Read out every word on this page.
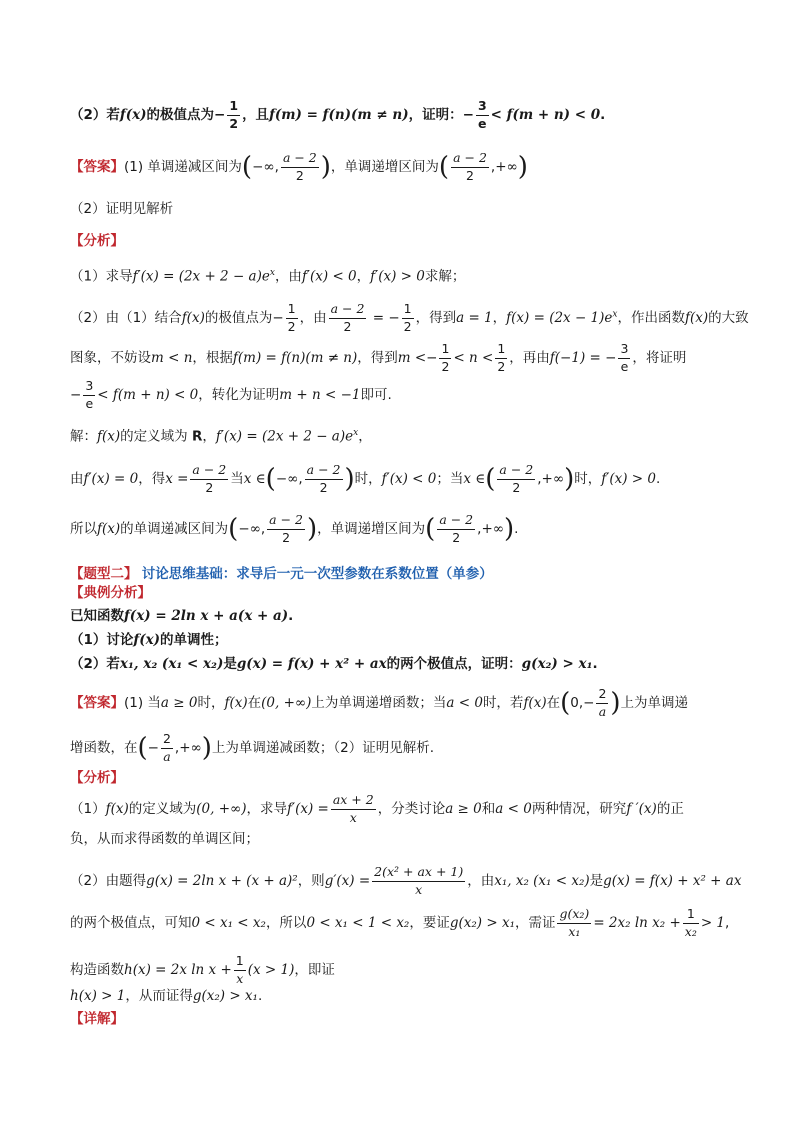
（2）若f(x)的极值点为− $\frac{1}{2}$ ，且f(m) = f(n)(m ≠ n)，证明：− $\frac{3}{e} < f(m + n) < 0$.
【答案】(1) 单调递减区间为(−∞, $\frac{a - 2}{2}$ )，单调递增区间为( $\frac{a - 2}{2}$ ,+∞)
（2）证明见解析
【分析】
（1）求导$f'(x) = (2x + 2 - a)e^x$，由f′(x) < 0，f′(x) > 0求解；
（2）由（1）结合f(x)的极值点为− $\frac{1}{2}$ ，由 $\frac{a - 2}{2}$ = − $\frac{1}{2}$ ，得到a = 1，$f(x) = (2x - 1)e^x$，作出函数f(x)的大致
图象，不妨设m < n，根据f(m) = f(n)(m ≠ n)，得到$m <- \frac{1}{2} < n < \frac{1}{2}$ ，再由f(−1) = − $\frac{3}{e}$ ，将证明
− $\frac{3}{e} < f(m + n) < 0$，转化为证明m + n < −1即可.
解：f(x)的定义域为 R，$f'(x) = (2x + 2 - a)e^x$，
由f′(x) = 0，得$x = \frac{a - 2}{2}$ 当x ∈(−∞, $\frac{a - 2}{2}$ )时，f′(x) < 0；当x ∈( $\frac{a - 2}{2}$ ,+∞)时，f′(x) > 0.
所以f(x)的单调递减区间为(−∞, $\frac{a - 2}{2}$ )，单调递增区间为( $\frac{a - 2}{2}$ ,+∞).
【题型二】 讨论思维基础：求导后一元一次型参数在系数位置（单参）
【典例分析】
已知函数f(x) = 2ln x + a(x + a).
（1）讨论f(x)的单调性；
（2）若x₁, x₂ (x₁ < x₂)是g(x) = f(x) + x² + ax的两个极值点，证明：g(x₂) > x₁.
【答案】(1) 当a ≥ 0时，f(x)在(0, +∞)上为单调递增函数；当a < 0时，若f(x)在($0,- \frac{2}{a}$ )上为单调递
增函数，在(− $\frac{2}{a}$ ,+∞)上为单调递减函数；（2）证明见解析.
【分析】
（1）f(x)的定义域为(0, +∞)，求导$f'(x) = \frac{ax + 2}{x}$ ，分类讨论a ≥ 0和a < 0两种情况，研究f ′(x)的正
负，从而求得函数的单调区间；
（2）由题得g(x) = 2ln x + (x + a)²，则$g'(x) = \frac{\text{2(x² + ax + 1)}}{x}$ ，由x₁, x₂ (x₁ < x₂)是g(x) = f(x) + x² + ax
的两个极值点，可知0 < x₁ < x₂，所以0 < x₁ < 1 < x₂，要证g(x₂) > x₁，需证 $\frac{\text{g(x₂)}}{\text{x₁}} = 2x_2$ $\ln x_2 + \frac{1}{\text{x₂}} > 1$,
构造函数h(x) = 2x $\ln x + \frac{1}{x} (x > 1)$，即证
h(x) > 1，从而证得g(x₂) > x₁.
【详解】
